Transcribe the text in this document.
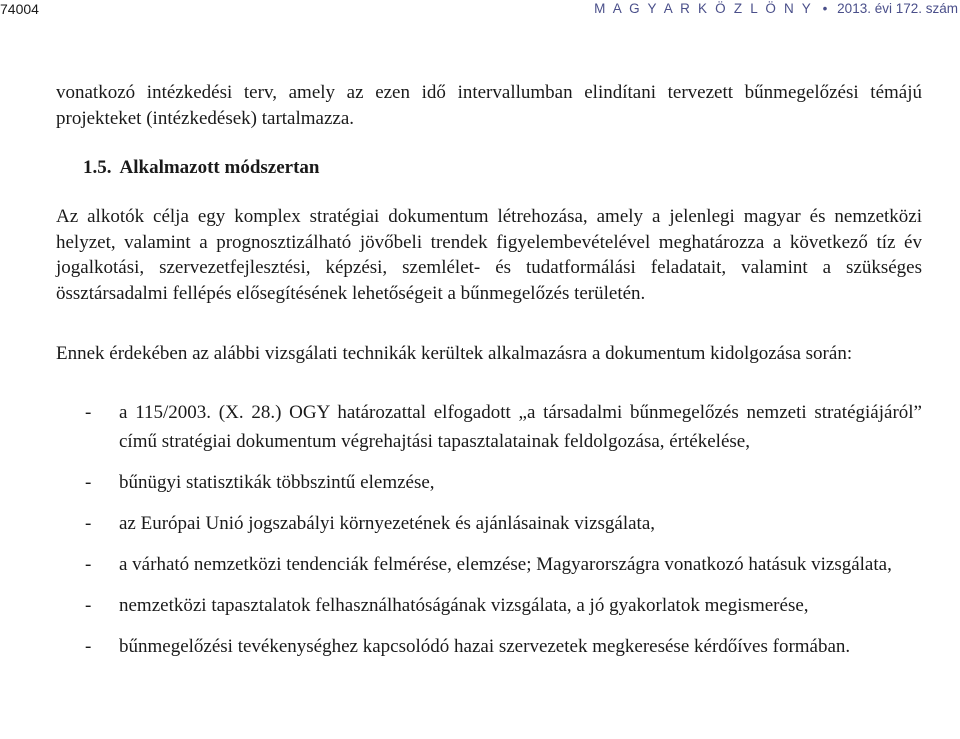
74004	M A G Y A R K Ö Z L Ö N Y • 2013. évi 172. szám

vonatkozó intézkedési terv, amely az ezen idő intervallumban elindítani tervezett bűnmegelőzési témájú projekteket (intézkedések) tartalmazza.

1.5. Alkalmazott módszertan

Az alkotók célja egy komplex stratégiai dokumentum létrehozása, amely a jelenlegi magyar és nemzetközi helyzet, valamint a prognosztizálható jövőbeli trendek figyelembevételével meghatározza a következő tíz év jogalkotási, szervezetfejlesztési, képzési, szemlélet- és tudatformálási feladatait, valamint a szükséges össztársadalmi fellépés elősegítésének lehetőségeit a bűnmegelőzés területén.

Ennek érdekében az alábbi vizsgálati technikák kerültek alkalmazásra a dokumentum kidolgozása során:

- a 115/2003. (X. 28.) OGY határozattal elfogadott „a társadalmi bűnmegelőzés nemzeti stratégiájáról” című stratégiai dokumentum végrehajtási tapasztalatainak feldolgozása, értékelése,
- bűnügyi statisztikák többszintű elemzése,
- az Európai Unió jogszabályi környezetének és ajánlásainak vizsgálata,
- a várható nemzetközi tendenciák felmérése, elemzése; Magyarországra vonatkozó hatásuk vizsgálata,
- nemzetközi tapasztalatok felhasználhatóságának vizsgálata, a jó gyakorlatok megismerése,
- bűnmegelőzési tevékenységhez kapcsolódó hazai szervezetek megkeresése kérdőíves formában.
